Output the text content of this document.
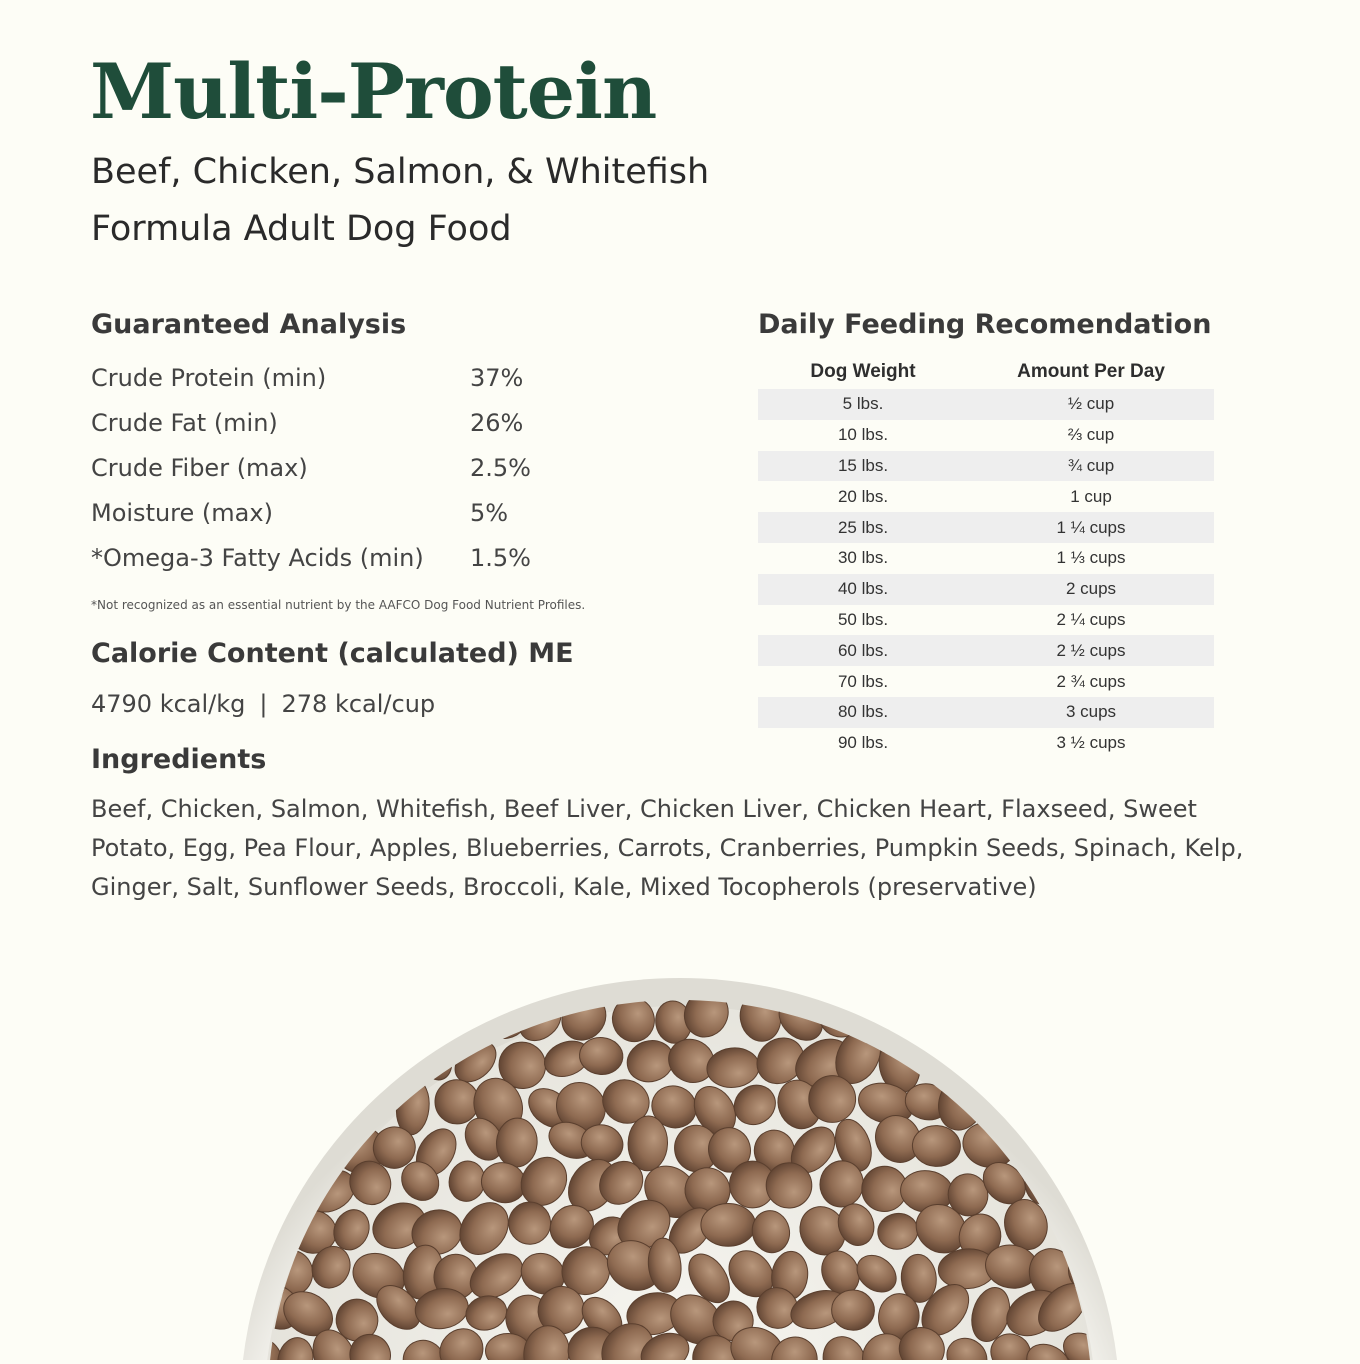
Multi-Protein

Beef, Chicken, Salmon, & Whitefish

Formula Adult Dog Food

Guaranteed Analysis
Crude Protein (min)	37%
Crude Fat (min)	26%
Crude Fiber (max)	2.5%
Moisture (max)	5%
*Omega-3 Fatty Acids (min) 1.5%
*Not recognized as an essential nutrient by the AAFCO Dog Food Nutrient Profiles.
Calorie Content (calculated) ME
4790 kcal/kg | 278 kcal/cup
Ingredients

Beef, Chicken, Salmon, Whitefish, Beef Liver, Chicken Liver, Chicken Heart, Flaxseed, Sweet Potato, Egg, Pea Flour, Apples, Blueberries, Carrots, Cranberries, Pumpkin Seeds, Spinach, Kelp, Ginger, Salt, Sunflower Seeds, Broccoli, Kale, Mixed Tocopherols (preservative)

Daily Feeding Recomendation
Dog Weight	Amount Per Day
5 lbs.	½ cup
10 lbs.	⅔ cup
15 lbs.	¾ cup
20 lbs.	1 cup
25 lbs.	1 ¼ cups
30 lbs.	1 ⅓ cups
40 lbs.	2 cups
50 lbs.	2 ¼ cups
60 lbs.	2 ½ cups
70 lbs.	2 ¾ cups
80 lbs.	3 cups
90 lbs.	3 ½ cups
